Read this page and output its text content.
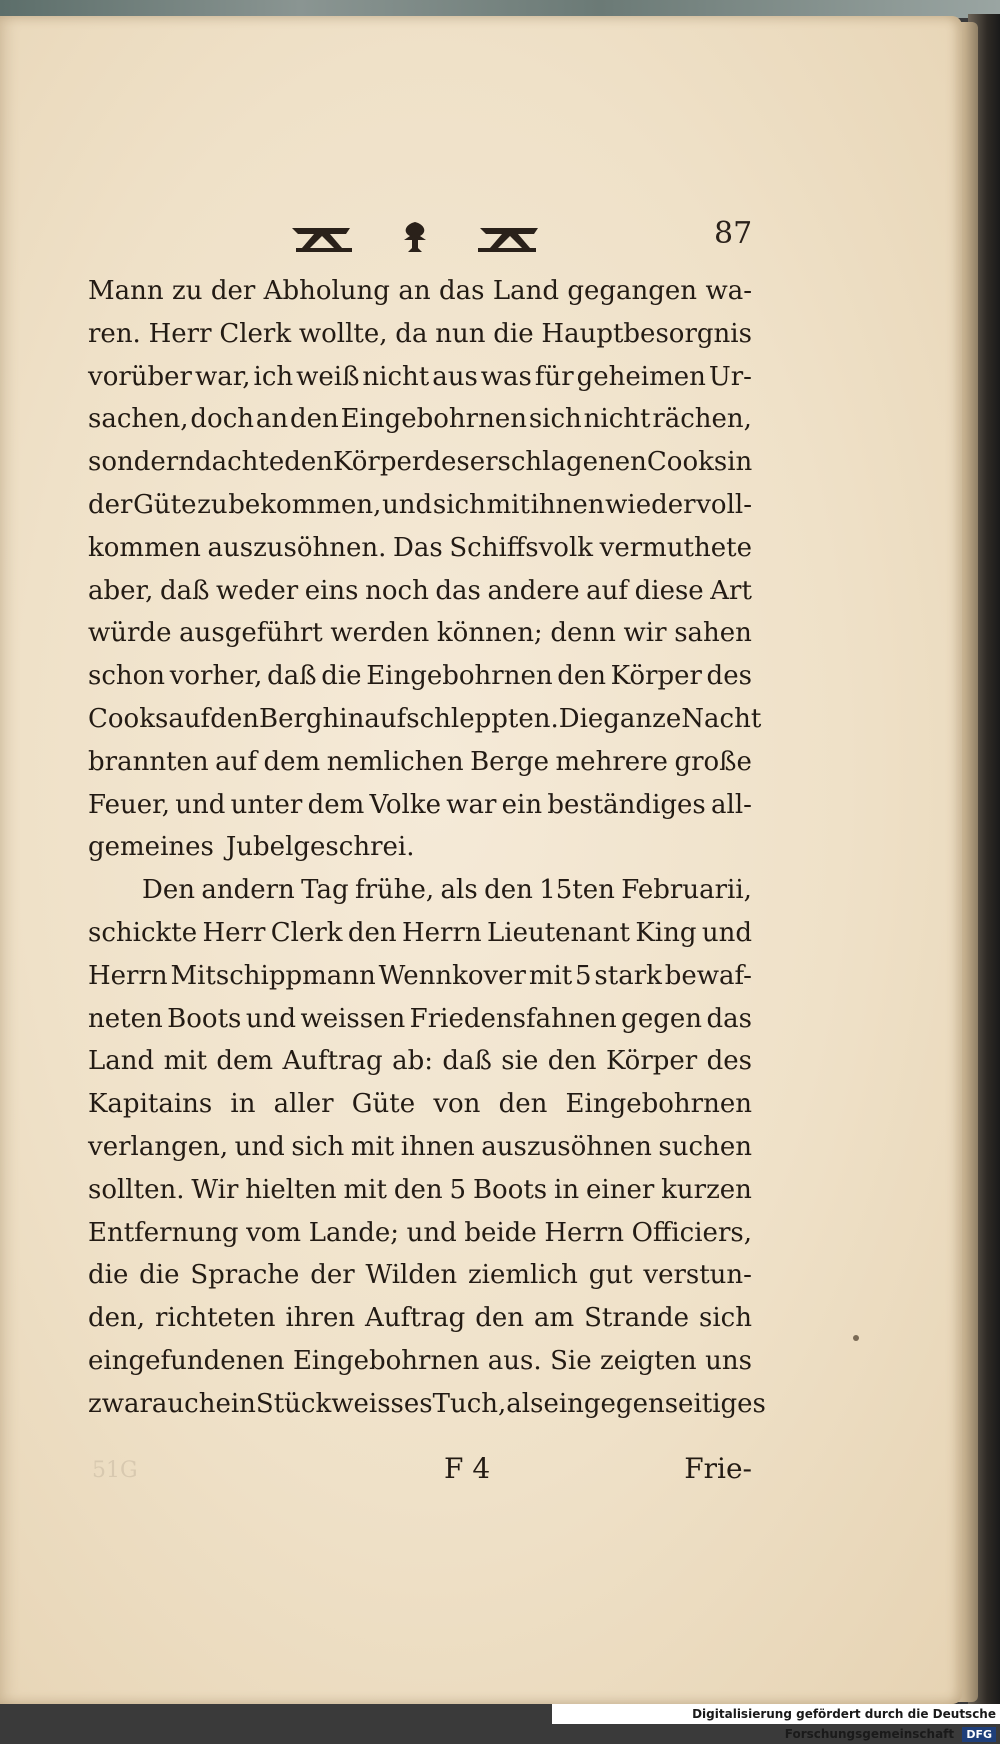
87
Mann zu der Abholung an das Land gegangen wa-
ren. Herr Clerk wollte, da nun die Hauptbesorgnis
vorüber war, ich weiß nicht aus was für geheimen Ur-
sachen, doch an den Eingebohrnen sich nicht rächen,
sondern dachte den Körper des erschlagenen Cooks in
der Güte zu bekommen, und sich mit ihnen wieder voll-
kommen auszusöhnen. Das Schiffsvolk vermuthete
aber, daß weder eins noch das andere auf diese Art
würde ausgeführt werden können; denn wir sahen
schon vorher, daß die Eingebohrnen den Körper des
Cooks auf den Berg hinauf schleppten. Die ganze Nacht
brannten auf dem nemlichen Berge mehrere große
Feuer, und unter dem Volke war ein beständiges all-
gemeines Jubelgeschrei.
Den andern Tag frühe, als den 15ten Februarii,
schickte Herr Clerk den Herrn Lieutenant King und
Herrn Mitschippmann Wennkover mit 5 stark bewaf-
neten Boots und weissen Friedensfahnen gegen das
Land mit dem Auftrag ab: daß sie den Körper des
Kapitains in aller Güte von den Eingebohrnen
verlangen, und sich mit ihnen auszusöhnen suchen
sollten. Wir hielten mit den 5 Boots in einer kurzen
Entfernung vom Lande; und beide Herrn Officiers,
die die Sprache der Wilden ziemlich gut verstun-
den, richteten ihren Auftrag den am Strande sich
eingefundenen Eingebohrnen aus. Sie zeigten uns
zwar auch ein Stück weisses Tuch, als ein gegenseitiges
51G	F 4	Frie-
Digitalisierung gefördert durch die Deutsche Forschungsgemeinschaft DFG
